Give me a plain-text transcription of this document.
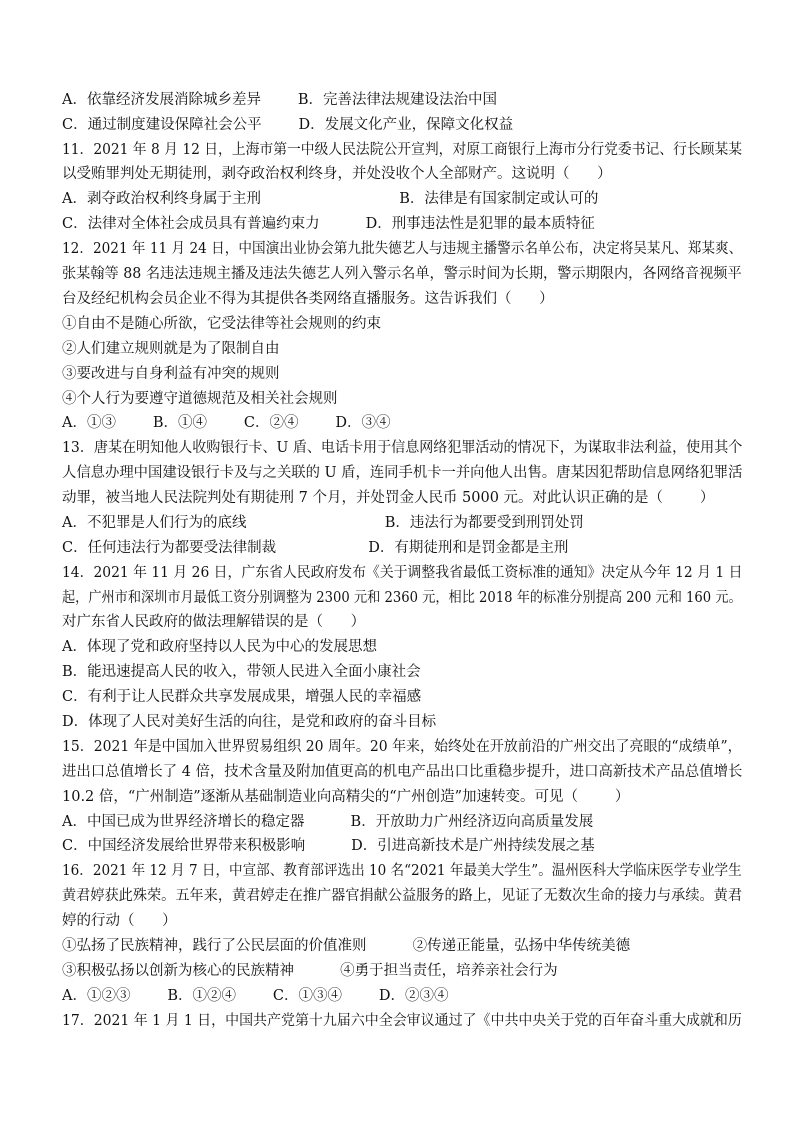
A．依靠经济发展消除城乡差异        B．完善法律法规建设法治中国
C．通过制度建设保障社会公平        D．发展文化产业，保障文化权益
11．2021 年 8 月 12 日，上海市第一中级人民法院公开宣判，对原工商银行上海市分行党委书记、行长顾某某
以受贿罪判处无期徒刑，剥夺政治权利终身，并处没收个人全部财产。这说明（      ）
A．剥夺政治权利终身属于主刑                              B．法律是有国家制定或认可的
C．法律对全体社会成员具有普遍约束力          D．刑事违法性是犯罪的最本质特征
12．2021 年 11 月 24 日，中国演出业协会第九批失德艺人与违规主播警示名单公布，决定将吴某凡、郑某爽、
张某翰等 88 名违法违规主播及违法失德艺人列入警示名单，警示时间为长期，警示期限内，各网络音视频平
台及经纪机构会员企业不得为其提供各类网络直播服务。这告诉我们（      ）
①自由不是随心所欲，它受法律等社会规则的约束
②人们建立规则就是为了限制自由
③要改进与自身利益有冲突的规则
④个人行为要遵守道德规范及相关社会规则
A．①③        B．①④        C．②④        D．③④
13．唐某在明知他人收购银行卡、U 盾、电话卡用于信息网络犯罪活动的情况下，为谋取非法利益，使用其个
人信息办理中国建设银行卡及与之关联的 U 盾，连同手机卡一并向他人出售。唐某因犯帮助信息网络犯罪活
动罪，被当地人民法院判处有期徒刑 7 个月，并处罚金人民币 5000 元。对此认识正确的是（        ）
A．不犯罪是人们行为的底线                              B．违法行为都要受到刑罚处罚
C．任何违法行为都要受法律制裁                    D．有期徒刑和是罚金都是主刑
14．2021 年 11 月 26 日，广东省人民政府发布《关于调整我省最低工资标准的通知》决定从今年 12 月 1 日
起，广州市和深圳市月最低工资分别调整为 2300 元和 2360 元，相比 2018 年的标准分别提高 200 元和 160 元。
对广东省人民政府的做法理解错误的是（      ）
A．体现了党和政府坚持以人民为中心的发展思想
B．能迅速提高人民的收入，带领人民进入全面小康社会
C．有利于让人民群众共享发展成果，增强人民的幸福感
D．体现了人民对美好生活的向往，是党和政府的奋斗目标
15．2021 年是中国加入世界贸易组织 20 周年。20 年来，始终处在开放前沿的广州交出了亮眼的“成绩单”，
进出口总值增长了 4 倍，技术含量及附加值更高的机电产品出口比重稳步提升，进口高新技术产品总值增长
10.2 倍，“广州制造”逐渐从基础制造业向高精尖的“广州创造”加速转变。可见（        ）
A．中国已成为世界经济增长的稳定器          B．开放助力广州经济迈向高质量发展
C．中国经济发展给世界带来积极影响          D．引进高新技术是广州持续发展之基
16．2021 年 12 月 7 日，中宣部、教育部评选出 10 名“2021 年最美大学生”。温州医科大学临床医学专业学生
黄君婷获此殊荣。五年来，黄君婷走在推广器官捐献公益服务的路上，见证了无数次生命的接力与承续。黄君
婷的行动（      ）
①弘扬了民族精神，践行了公民层面的价值准则          ②传递正能量，弘扬中华传统美德
③积极弘扬以创新为核心的民族精神          ④勇于担当责任，培养亲社会行为
A．①②③        B．①②④        C．①③④        D．②③④
17．2021 年 1 月 1 日，中国共产党第十九届六中全会审议通过了《中共中央关于党的百年奋斗重大成就和历
